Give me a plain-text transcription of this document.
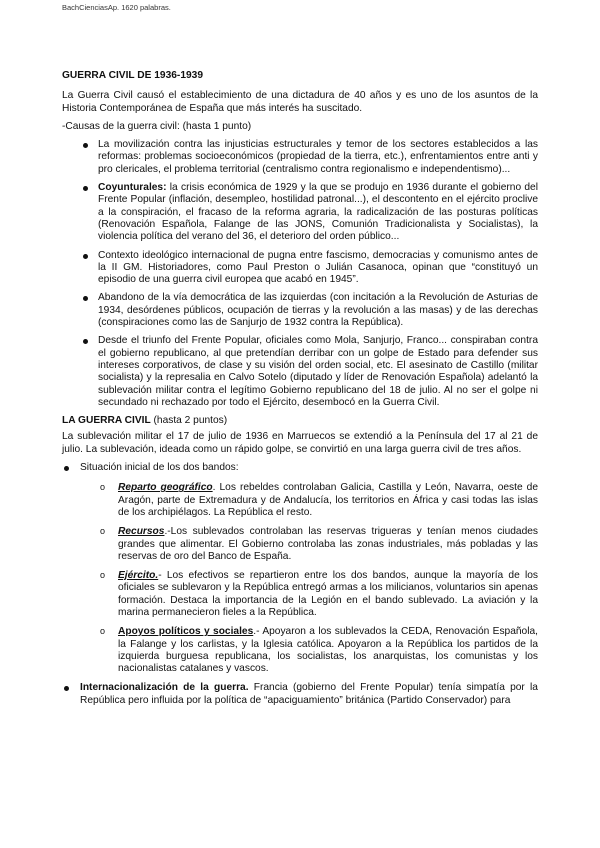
BachCienciasAp. 1620 palabras.
GUERRA CIVIL DE 1936-1939

La Guerra Civil causó el establecimiento de una dictadura de 40 años y es uno de los asuntos de la Historia Contemporánea de España que más interés ha suscitado.

-Causas de la guerra civil: (hasta 1 punto)

La movilización contra las injusticias estructurales y temor de los sectores establecidos a las reformas: problemas socioeconómicos (propiedad de la tierra, etc.), enfrentamientos entre anti y pro clericales, el problema territorial (centralismo contra regionalismo e independentismo)...
Coyunturales: la crisis económica de 1929 y la que se produjo en 1936 durante el gobierno del Frente Popular (inflación, desempleo, hostilidad patronal...), el descontento en el ejército proclive a la conspiración, el fracaso de la reforma agraria, la radicalización de las posturas políticas (Renovación Española, Falange de las JONS, Comunión Tradicionalista y Socialistas), la violencia política del verano del 36, el deterioro del orden público...
Contexto ideológico internacional de pugna entre fascismo, democracias y comunismo antes de la II GM. Historiadores, como Paul Preston o Julián Casanoca, opinan que “constituyó un episodio de una guerra civil europea que acabó en 1945”.
Abandono de la vía democrática de las izquierdas (con incitación a la Revolución de Asturias de 1934, desórdenes públicos, ocupación de tierras y la revolución a las masas) y de las derechas (conspiraciones como las de Sanjurjo de 1932 contra la República).
Desde el triunfo del Frente Popular, oficiales como Mola, Sanjurjo, Franco... conspiraban contra el gobierno republicano, al que pretendían derribar con un golpe de Estado para defender sus intereses corporativos, de clase y su visión del orden social, etc. El asesinato de Castillo (militar socialista) y la represalia en Calvo Sotelo (diputado y líder de Renovación Española) adelantó la sublevación militar contra el legítimo Gobierno republicano del 18 de julio. Al no ser el golpe ni secundado ni rechazado por todo el Ejército, desembocó en la Guerra Civil.
LA GUERRA CIVIL (hasta 2 puntos)

La sublevación militar el 17 de julio de 1936 en Marruecos se extendió a la Península del 17 al 21 de julio. La sublevación, ideada como un rápido golpe, se convirtió en una larga guerra civil de tres años.

Situación inicial de los dos bandos:
o Reparto geográfico. Los rebeldes controlaban Galicia, Castilla y León, Navarra, oeste de Aragón, parte de Extremadura y de Andalucía, los territorios en África y casi todas las islas de los archipiélagos. La República el resto.
o Recursos.-Los sublevados controlaban las reservas trigueras y tenían menos ciudades grandes que alimentar. El Gobierno controlaba las zonas industriales, más pobladas y las reservas de oro del Banco de España.
o Ejército.- Los efectivos se repartieron entre los dos bandos, aunque la mayoría de los oficiales se sublevaron y la República entregó armas a los milicianos, voluntarios sin apenas formación. Destaca la importancia de la Legión en el bando sublevado. La aviación y la marina permanecieron fieles a la República.
o Apoyos políticos y sociales.- Apoyaron a los sublevados la CEDA, Renovación Española, la Falange y los carlistas, y la Iglesia católica. Apoyaron a la República los partidos de la izquierda burguesa republicana, los socialistas, los anarquistas, los comunistas y los nacionalistas catalanes y vascos.
Internacionalización de la guerra. Francia (gobierno del Frente Popular) tenía simpatía por la República pero influida por la política de “apaciguamiento” británica (Partido Conservador) para
